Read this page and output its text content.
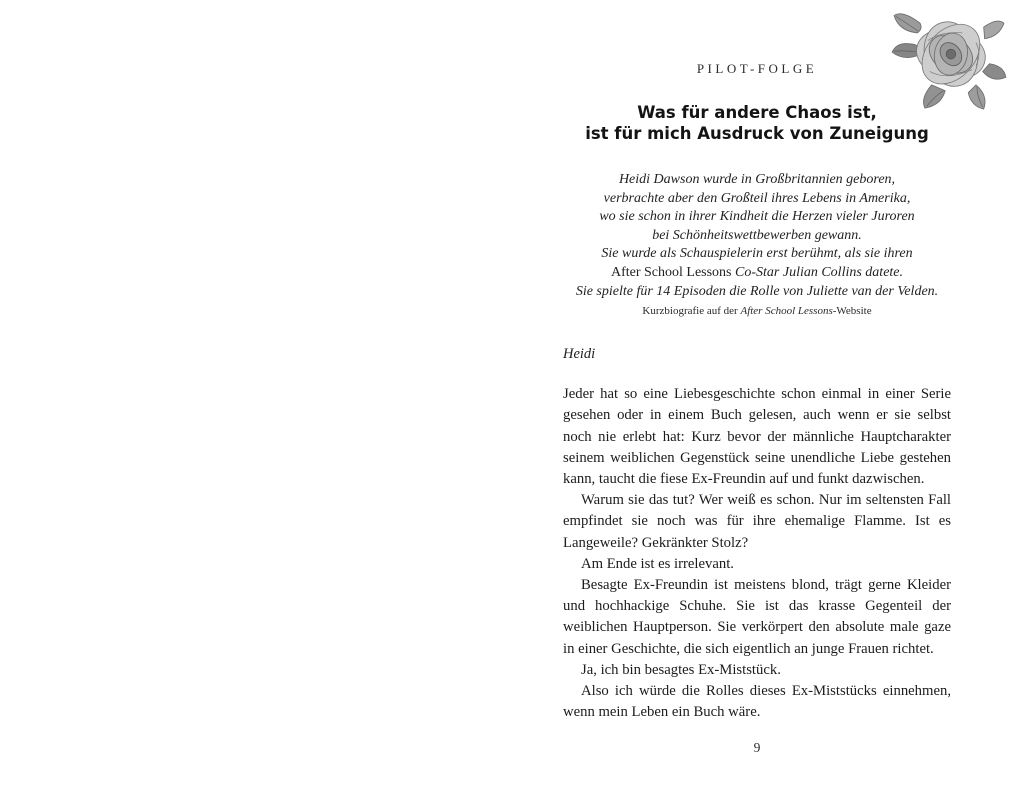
PILOT-FOLGE
Was für andere Chaos ist,
ist für mich Ausdruck von Zuneigung
Heidi Dawson wurde in Großbritannien geboren,
verbrachte aber den Großteil ihres Lebens in Amerika,
wo sie schon in ihrer Kindheit die Herzen vieler Juroren
bei Schönheitswettbewerben gewann.
Sie wurde als Schauspielerin erst berühmt, als sie ihren
After School Lessons Co-Star Julian Collins datete.
Sie spielte für 14 Episoden die Rolle von Juliette van der Velden.
Kurzbiografie auf der After School Lessons-Website
Heidi

Jeder hat so eine Liebesgeschichte schon einmal in einer Serie gesehen oder in einem Buch gelesen, auch wenn er sie selbst noch nie erlebt hat: Kurz bevor der männliche Hauptcharakter seinem weiblichen Gegenstück seine unendliche Liebe gestehen kann, taucht die fiese Ex-Freundin auf und funkt dazwischen.

Warum sie das tut? Wer weiß es schon. Nur im seltensten Fall empfindet sie noch was für ihre ehemalige Flamme. Ist es Langeweile? Gekränkter Stolz?

Am Ende ist es irrelevant.

Besagte Ex-Freundin ist meistens blond, trägt gerne Kleider und hochhackige Schuhe. Sie ist das krasse Gegenteil der weiblichen Hauptperson. Sie verkörpert den absolute male gaze in einer Geschichte, die sich eigentlich an junge Frauen richtet.

Ja, ich bin besagtes Ex-Miststück.

Also ich würde die Rolles dieses Ex-Miststücks einnehmen, wenn mein Leben ein Buch wäre.

9
